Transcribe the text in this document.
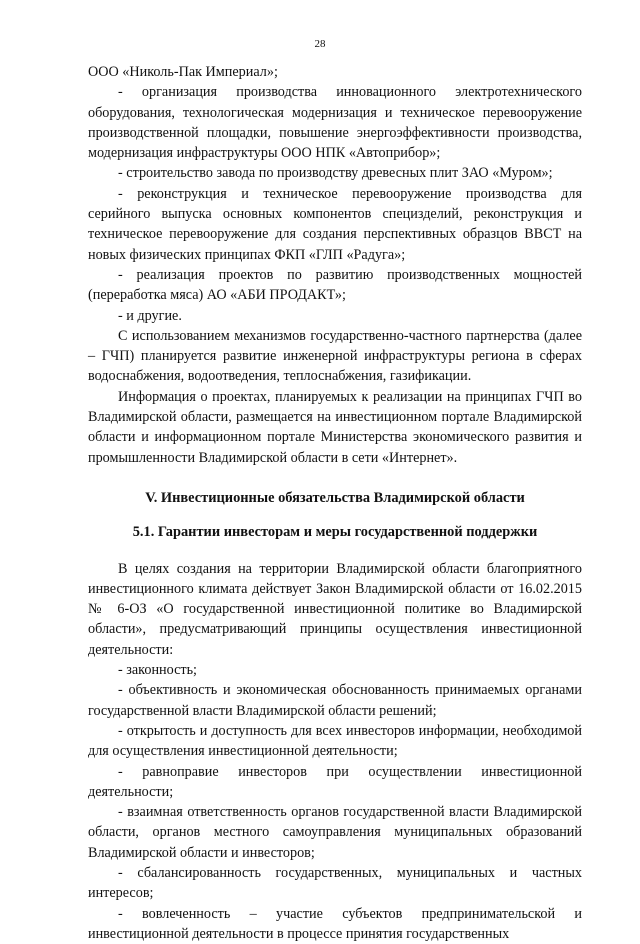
28

ООО «Николь-Пак Империал»;

- организация производства инновационного электротехнического оборудования, технологическая модернизация и техническое перевооружение производственной площадки, повышение энергоэффективности производства, модернизация инфраструктуры ООО НПК «Автоприбор»;

- строительство завода по производству древесных плит ЗАО «Муром»;

- реконструкция и техническое перевооружение производства для серийного выпуска основных компонентов специзделий, реконструкция и техническое перевооружение для создания перспективных образцов ВВСТ на новых физических принципах ФКП «ГЛП «Радуга»;

- реализация проектов по развитию производственных мощностей (переработка мяса) АО «АБИ ПРОДАКТ»;

- и другие.

С использованием механизмов государственно-частного партнерства (далее – ГЧП) планируется развитие инженерной инфраструктуры региона в сферах водоснабжения, водоотведения, теплоснабжения, газификации.

Информация о проектах, планируемых к реализации на принципах ГЧП во Владимирской области, размещается на инвестиционном портале Владимирской области и информационном портале Министерства экономического развития и промышленности Владимирской области в сети «Интернет».

V. Инвестиционные обязательства Владимирской области

5.1. Гарантии инвесторам и меры государственной поддержки

В целях создания на территории Владимирской области благоприятного инвестиционного климата действует Закон Владимирской области от 16.02.2015 № 6-ОЗ «О государственной инвестиционной политике во Владимирской области», предусматривающий принципы осуществления инвестиционной деятельности:

- законность;

- объективность и экономическая обоснованность принимаемых органами государственной власти Владимирской области решений;

- открытость и доступность для всех инвесторов информации, необходимой для осуществления инвестиционной деятельности;

- равноправие инвесторов при осуществлении инвестиционной деятельности;

- взаимная ответственность органов государственной власти Владимирской области, органов местного самоуправления муниципальных образований Владимирской области и инвесторов;

- сбалансированность государственных, муниципальных и частных интересов;

- вовлеченность – участие субъектов предпринимательской и инвестиционной деятельности в процессе принятия государственных
